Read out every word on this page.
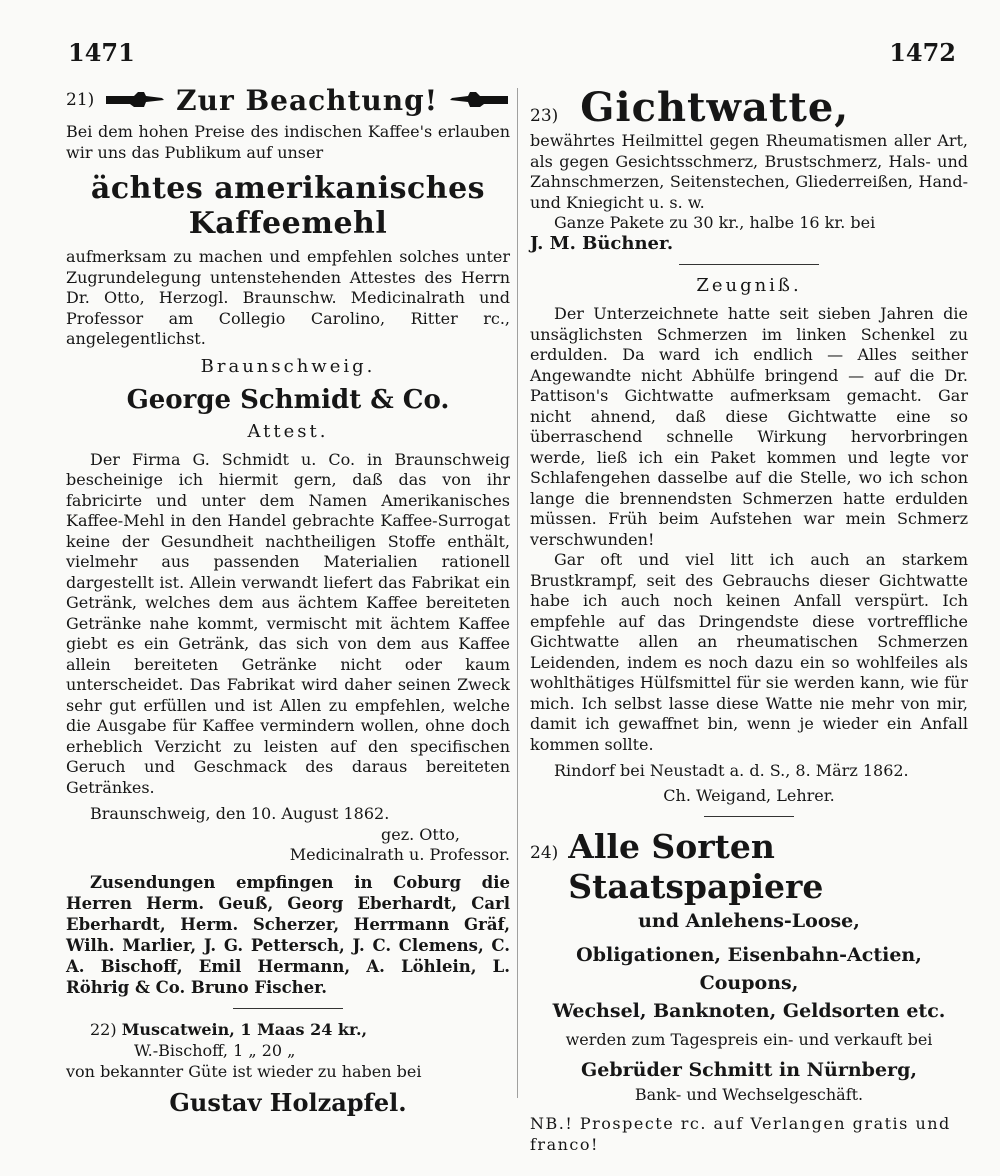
1471	1472
21)	Zur Beachtung!

Bei dem hohen Preise des indischen Kaffee's erlauben wir uns das Publikum auf unser

ächtes amerikanisches Kaffeemehl

aufmerksam zu machen und empfehlen solches unter Zugrundelegung untenstehenden Attestes des Herrn Dr. Otto, Herzogl. Braunschw. Medicinalrath und Professor am Collegio Carolino, Ritter rc., angelegentlichst.

Braunschweig.
George Schmidt & Co.
Attest.

Der Firma G. Schmidt u. Co. in Braunschweig bescheinige ich hiermit gern, daß das von ihr fabricirte und unter dem Namen Amerikanisches Kaffee-Mehl in den Handel gebrachte Kaffee-Surrogat keine der Gesundheit nachtheiligen Stoffe enthält, vielmehr aus passenden Materialien rationell dargestellt ist. Allein verwandt liefert das Fabrikat ein Getränk, welches dem aus ächtem Kaffee bereiteten Getränke nahe kommt, vermischt mit ächtem Kaffee giebt es ein Getränk, das sich von dem aus Kaffee allein bereiteten Getränke nicht oder kaum unterscheidet. Das Fabrikat wird daher seinen Zweck sehr gut erfüllen und ist Allen zu empfehlen, welche die Ausgabe für Kaffee vermindern wollen, ohne doch erheblich Verzicht zu leisten auf den specifischen Geruch und Geschmack des daraus bereiteten Getränkes.

Braunschweig, den 10. August 1862.

gez. Otto,

Medicinalrath u. Professor.

Zusendungen empfingen in Coburg die Herren Herm. Geuß, Georg Eberhardt, Carl Eberhardt, Herm. Scherzer, Herrmann Gräf, Wilh. Marlier, J. G. Pettersch, J. C. Clemens, C. A. Bischoff, Emil Hermann, A. Löhlein, L. Röhrig & Co. Bruno Fischer.

22) Muscatwein, 1 Maas 24 kr.,

W.-Bischoff, 1 „ 20 „

von bekannter Güte ist wieder zu haben bei

Gustav Holzapfel.
23) Gichtwatte,

bewährtes Heilmittel gegen Rheumatismen aller Art, als gegen Gesichtsschmerz, Brustschmerz, Hals- und Zahnschmerzen, Seitenstechen, Gliederreißen, Hand- und Kniegicht u. s. w.

Ganze Pakete zu 30 kr., halbe 16 kr. bei

J. M. Büchner.

Zeugniß.

Der Unterzeichnete hatte seit sieben Jahren die unsäglichsten Schmerzen im linken Schenkel zu erdulden. Da ward ich endlich — Alles seither Angewandte nicht Abhülfe bringend — auf die Dr. Pattison's Gichtwatte aufmerksam gemacht. Gar nicht ahnend, daß diese Gichtwatte eine so überraschend schnelle Wirkung hervorbringen werde, ließ ich ein Paket kommen und legte vor Schlafengehen dasselbe auf die Stelle, wo ich schon lange die brennendsten Schmerzen hatte erdulden müssen. Früh beim Aufstehen war mein Schmerz verschwunden!

Gar oft und viel litt ich auch an starkem Brustkrampf, seit des Gebrauchs dieser Gichtwatte habe ich auch noch keinen Anfall verspürt. Ich empfehle auf das Dringendste diese vortreffliche Gichtwatte allen an rheumatischen Schmerzen Leidenden, indem es noch dazu ein so wohlfeiles als wohlthätiges Hülfsmittel für sie werden kann, wie für mich. Ich selbst lasse diese Watte nie mehr von mir, damit ich gewaffnet bin, wenn je wieder ein Anfall kommen sollte.

Rindorf bei Neustadt a. d. S., 8. März 1862.

Ch. Weigand, Lehrer.

24) Alle Sorten Staatspapiere
und Anlehens-Loose,
Obligationen, Eisenbahn-Actien, Coupons,
Wechsel, Banknoten, Geldsorten etc.

werden zum Tagespreis ein- und verkauft bei

Gebrüder Schmitt in Nürnberg,

Bank- und Wechselgeschäft.

NB.! Prospecte rc. auf Verlangen gratis und franco!
